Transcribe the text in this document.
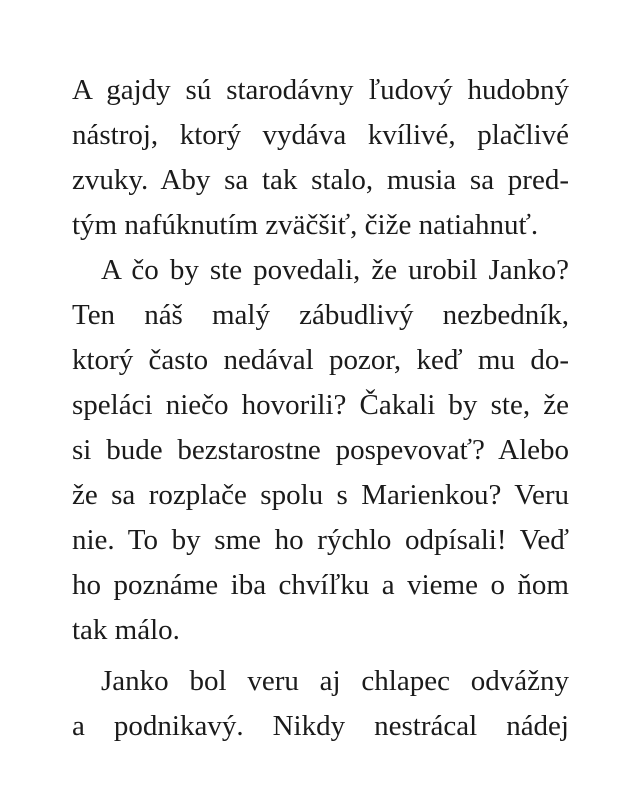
A gajdy sú starodávny ľudový hudobný
nástroj, ktorý vydáva kvílivé, plačlivé
zvuky. Aby sa tak stalo, musia sa pred-
tým nafúknutím zväčšiť, čiže natiahnuť.
A čo by ste povedali, že urobil Janko?
Ten náš malý zábudlivý nezbedník,
ktorý často nedával pozor, keď mu do-
speláci niečo hovorili? Čakali by ste, že
si bude bezstarostne pospevovať? Alebo
že sa rozplače spolu s Marienkou? Veru
nie. To by sme ho rýchlo odpísali! Veď
ho poznáme iba chvíľku a vieme o ňom
tak málo.
Janko bol veru aj chlapec odvážny
a podnikavý. Nikdy nestrácal nádej
